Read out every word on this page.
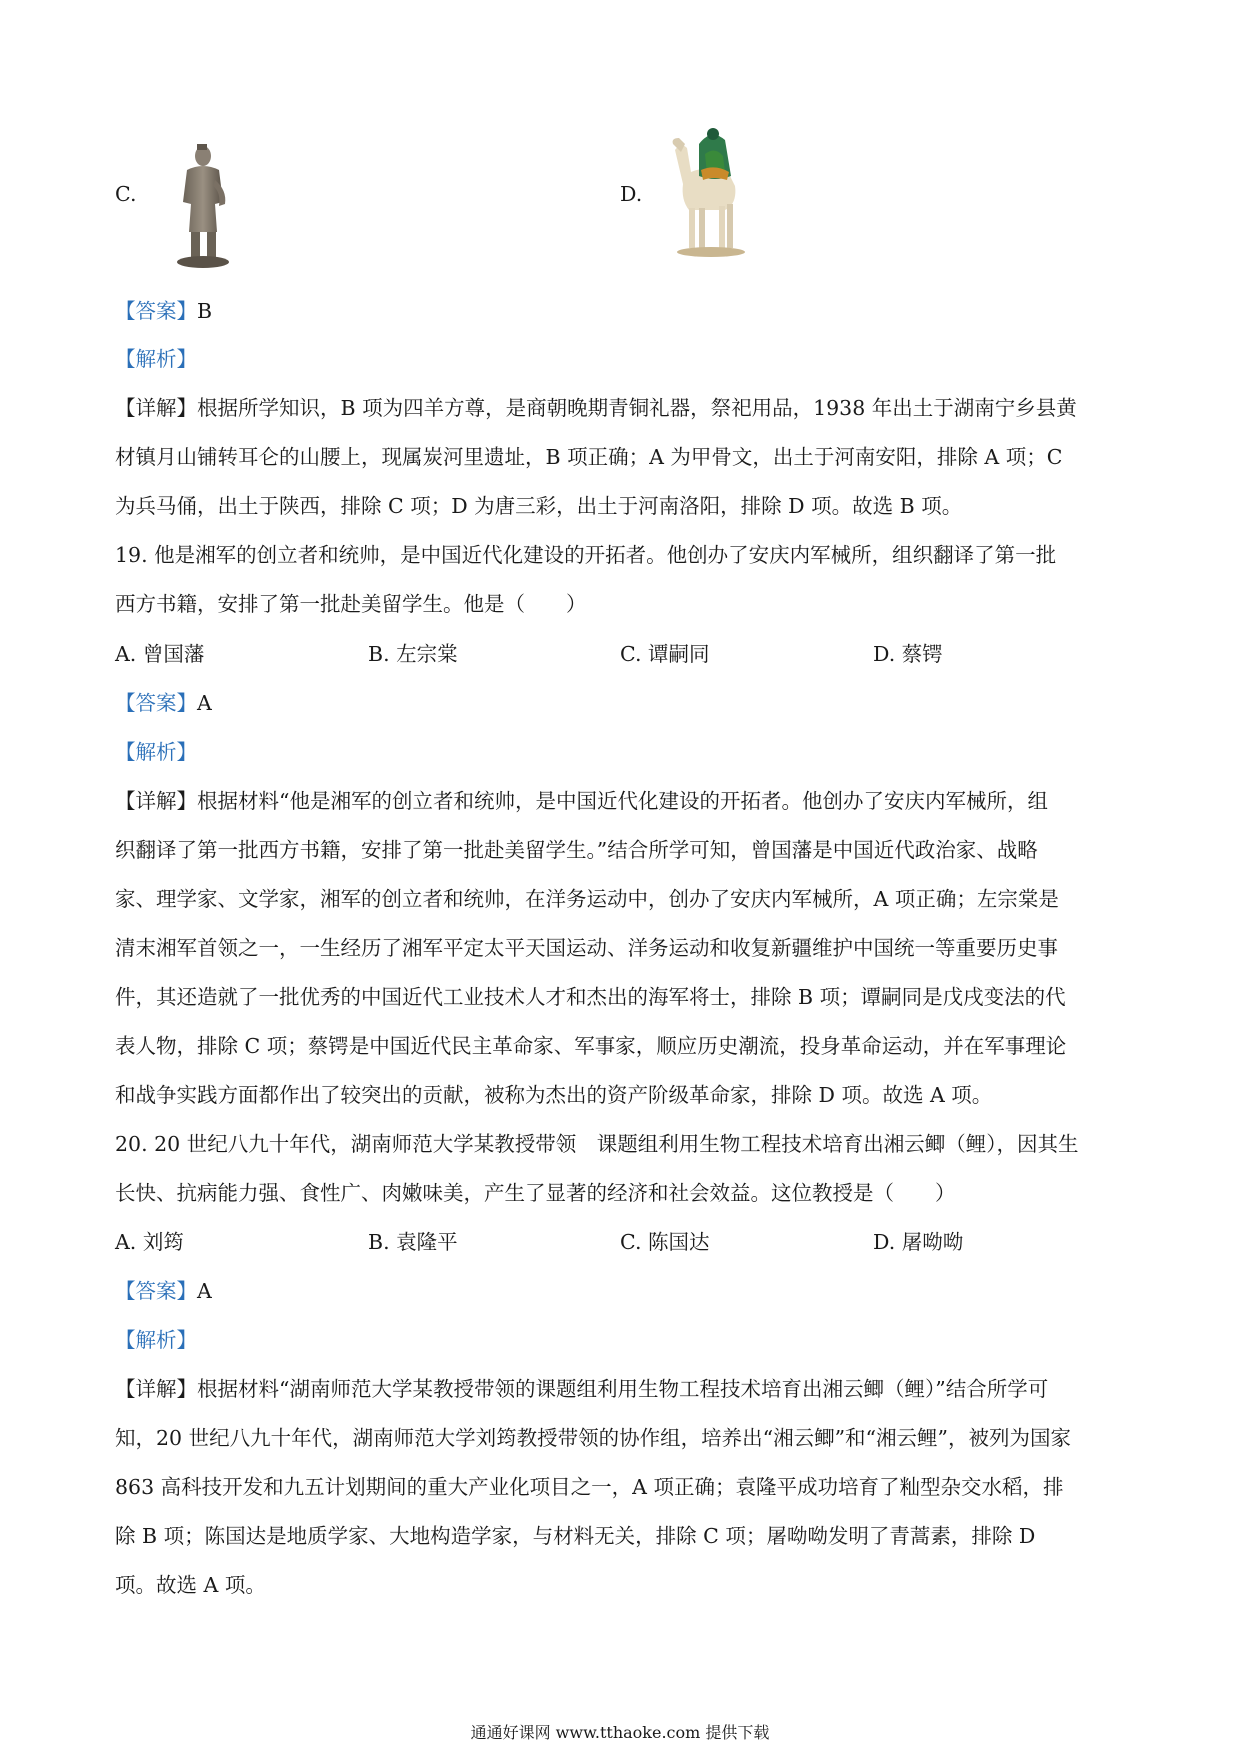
C.	D.
【答案】B
【解析】
【详解】根据所学知识，B 项为四羊方尊，是商朝晚期青铜礼器，祭祀用品，1938 年出土于湖南宁乡县黄
材镇月山铺转耳仑的山腰上，现属炭河里遗址，B 项正确；A 为甲骨文，出土于河南安阳，排除 A 项；C
为兵马俑，出土于陕西，排除 C 项；D 为唐三彩，出土于河南洛阳，排除 D 项。故选 B 项。
19. 他是湘军的创立者和统帅，是中国近代化建设的开拓者。他创办了安庆内军械所，组织翻译了第一批
西方书籍，安排了第一批赴美留学生。他是（　　）
A. 曾国藩	B. 左宗棠	C. 谭嗣同	D. 蔡锷
【答案】A
【解析】
【详解】根据材料“他是湘军的创立者和统帅，是中国近代化建设的开拓者。他创办了安庆内军械所，组
织翻译了第一批西方书籍，安排了第一批赴美留学生。”结合所学可知，曾国藩是中国近代政治家、战略
家、理学家、文学家，湘军的创立者和统帅，在洋务运动中，创办了安庆内军械所，A 项正确；左宗棠是
清末湘军首领之一，一生经历了湘军平定太平天国运动、洋务运动和收复新疆维护中国统一等重要历史事
件，其还造就了一批优秀的中国近代工业技术人才和杰出的海军将士，排除 B 项；谭嗣同是戊戌变法的代
表人物，排除 C 项；蔡锷是中国近代民主革命家、军事家，顺应历史潮流，投身革命运动，并在军事理论
和战争实践方面都作出了较突出的贡献，被称为杰出的资产阶级革命家，排除 D 项。故选 A 项。
20. 20 世纪八九十年代，湖南师范大学某教授带领　课题组利用生物工程技术培育出湘云鲫（鲤），因其生
长快、抗病能力强、食性广、肉嫩味美，产生了显著的经济和社会效益。这位教授是（　　）
A. 刘筠	B. 袁隆平	C. 陈国达	D. 屠呦呦
【答案】A
【解析】
【详解】根据材料“湖南师范大学某教授带领的课题组利用生物工程技术培育出湘云鲫（鲤）”结合所学可
知，20 世纪八九十年代，湖南师范大学刘筠教授带领的协作组，培养出“湘云鲫”和“湘云鲤”，被列为国家
863 高科技开发和九五计划期间的重大产业化项目之一，A 项正确；袁隆平成功培育了籼型杂交水稻，排
除 B 项；陈国达是地质学家、大地构造学家，与材料无关，排除 C 项；屠呦呦发明了青蒿素，排除 D
项。故选 A 项。
通通好课网 www.tthaoke.com 提供下载
